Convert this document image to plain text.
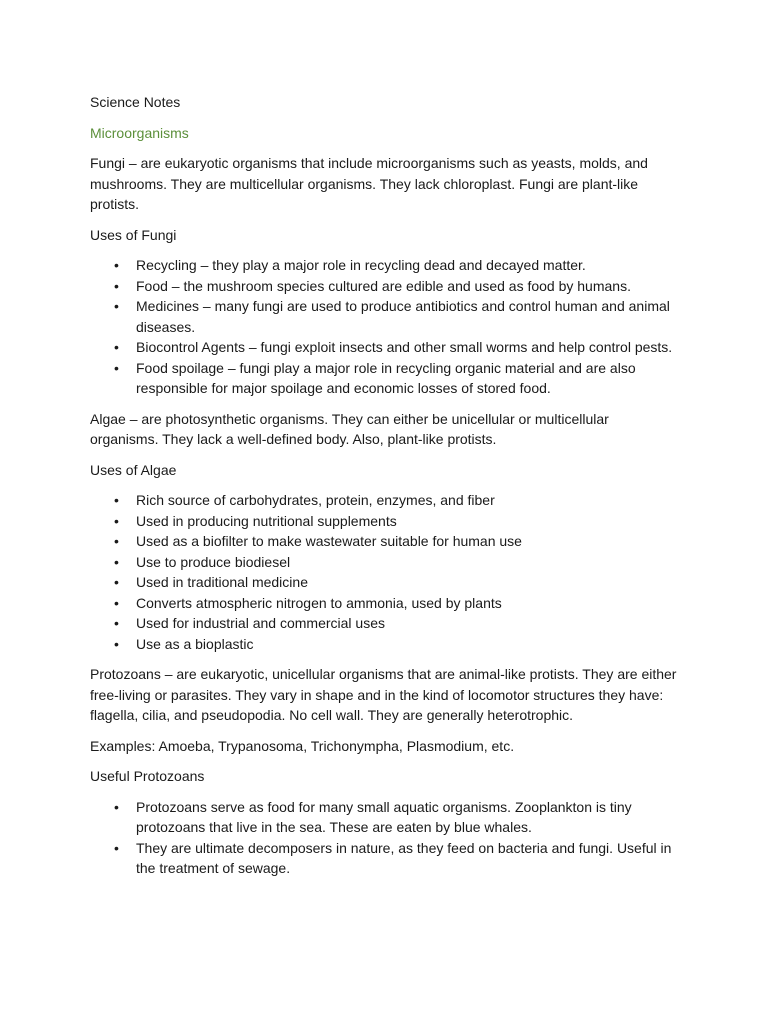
Science Notes

Microorganisms

Fungi – are eukaryotic organisms that include microorganisms such as yeasts, molds, and mushrooms. They are multicellular organisms. They lack chloroplast. Fungi are plant-like protists.

Uses of Fungi

• Recycling – they play a major role in recycling dead and decayed matter.
• Food – the mushroom species cultured are edible and used as food by humans.
• Medicines – many fungi are used to produce antibiotics and control human and animal diseases.
• Biocontrol Agents – fungi exploit insects and other small worms and help control pests.
• Food spoilage – fungi play a major role in recycling organic material and are also responsible for major spoilage and economic losses of stored food.

Algae – are photosynthetic organisms. They can either be unicellular or multicellular organisms. They lack a well-defined body. Also, plant-like protists.

Uses of Algae

• Rich source of carbohydrates, protein, enzymes, and fiber
• Used in producing nutritional supplements
• Used as a biofilter to make wastewater suitable for human use
• Use to produce biodiesel
• Used in traditional medicine
• Converts atmospheric nitrogen to ammonia, used by plants
• Used for industrial and commercial uses
• Use as a bioplastic

Protozoans – are eukaryotic, unicellular organisms that are animal-like protists. They are either free-living or parasites. They vary in shape and in the kind of locomotor structures they have: flagella, cilia, and pseudopodia. No cell wall. They are generally heterotrophic.

Examples: Amoeba, Trypanosoma, Trichonympha, Plasmodium, etc.

Useful Protozoans

• Protozoans serve as food for many small aquatic organisms. Zooplankton is tiny protozoans that live in the sea. These are eaten by blue whales.
• They are ultimate decomposers in nature, as they feed on bacteria and fungi. Useful in the treatment of sewage.
